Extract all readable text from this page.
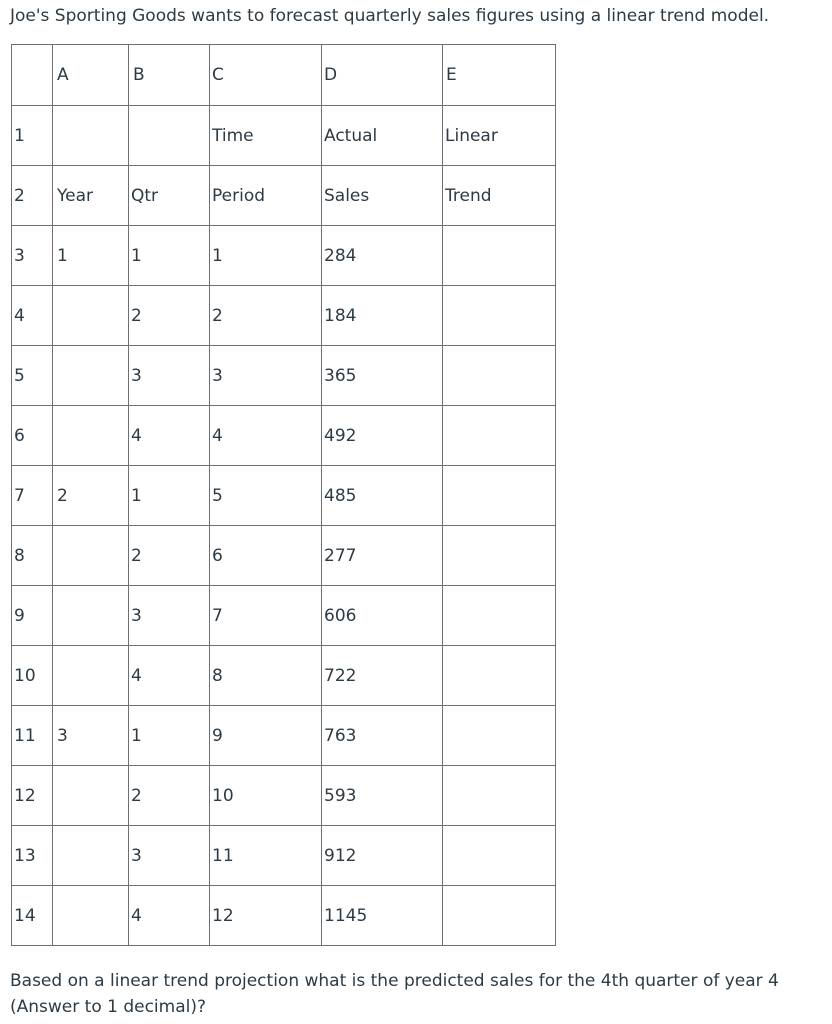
Joe's Sporting Goods wants to forecast quarterly sales figures using a linear trend model.

	A	B	C	D	E
1			Time	Actual	Linear
2	Year	Qtr	Period	Sales	Trend
3	1	1	1	284	
4		2	2	184	
5		3	3	365	
6		4	4	492	
7	2	1	5	485	
8		2	6	277	
9		3	7	606	
10		4	8	722	
11	3	1	9	763	
12		2	10	593	
13		3	11	912	
14		4	12	1145	

Based on a linear trend projection what is the predicted sales for the 4th quarter of year 4 (Answer to 1 decimal)?
